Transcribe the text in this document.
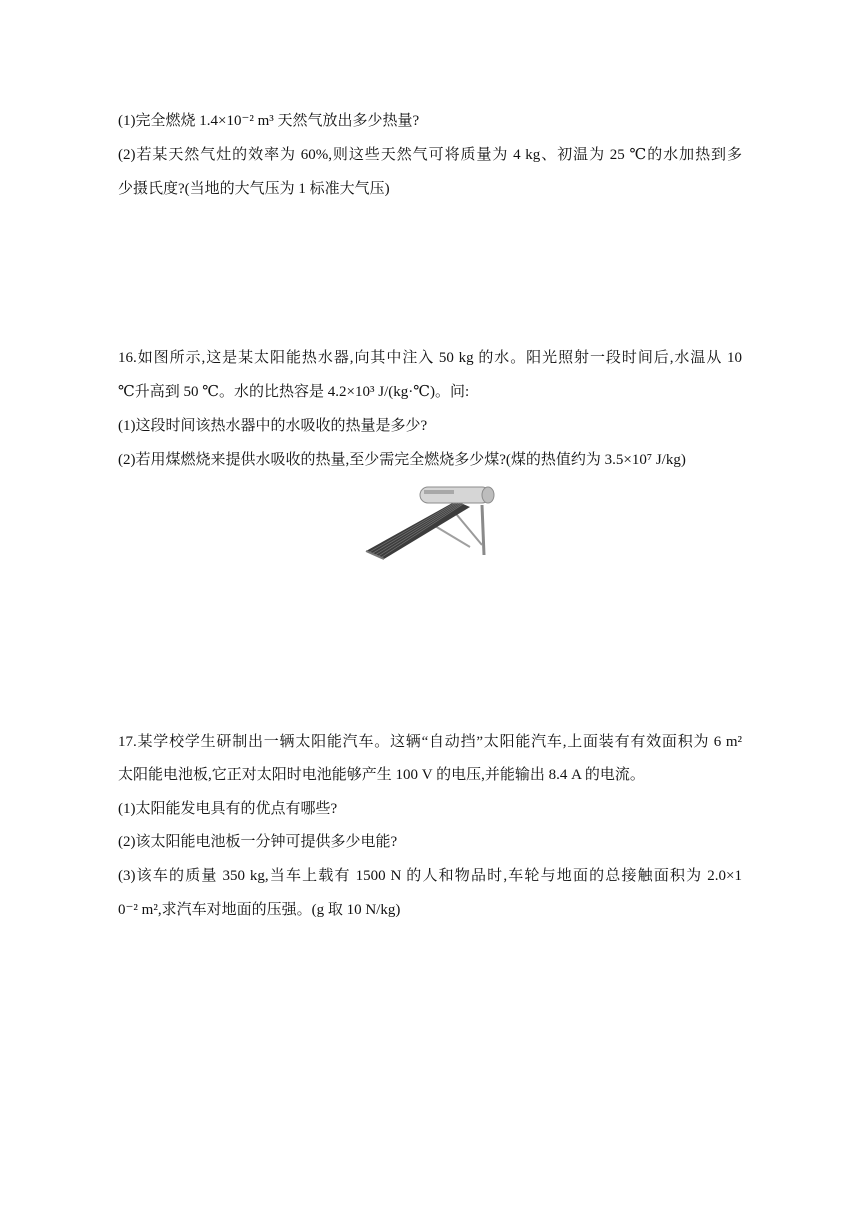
(1)完全燃烧 1.4×10⁻² m³ 天然气放出多少热量?
(2)若某天然气灶的效率为 60%,则这些天然气可将质量为 4 kg、初温为 25 ℃的水加热到多
少摄氏度?(当地的大气压为 1 标准大气压)
16.如图所示,这是某太阳能热水器,向其中注入 50 kg 的水。阳光照射一段时间后,水温从 10
℃升高到 50 ℃。水的比热容是 4.2×10³ J/(kg·℃)。问:
(1)这段时间该热水器中的水吸收的热量是多少?
(2)若用煤燃烧来提供水吸收的热量,至少需完全燃烧多少煤?(煤的热值约为 3.5×10⁷ J/kg)
17.某学校学生研制出一辆太阳能汽车。这辆“自动挡”太阳能汽车,上面装有有效面积为 6 m²
太阳能电池板,它正对太阳时电池能够产生 100 V 的电压,并能输出 8.4 A 的电流。
(1)太阳能发电具有的优点有哪些?
(2)该太阳能电池板一分钟可提供多少电能?
(3)该车的质量 350 kg,当车上载有 1500 N 的人和物品时,车轮与地面的总接触面积为 2.0×1
0⁻² m²,求汽车对地面的压强。(g 取 10 N/kg)
